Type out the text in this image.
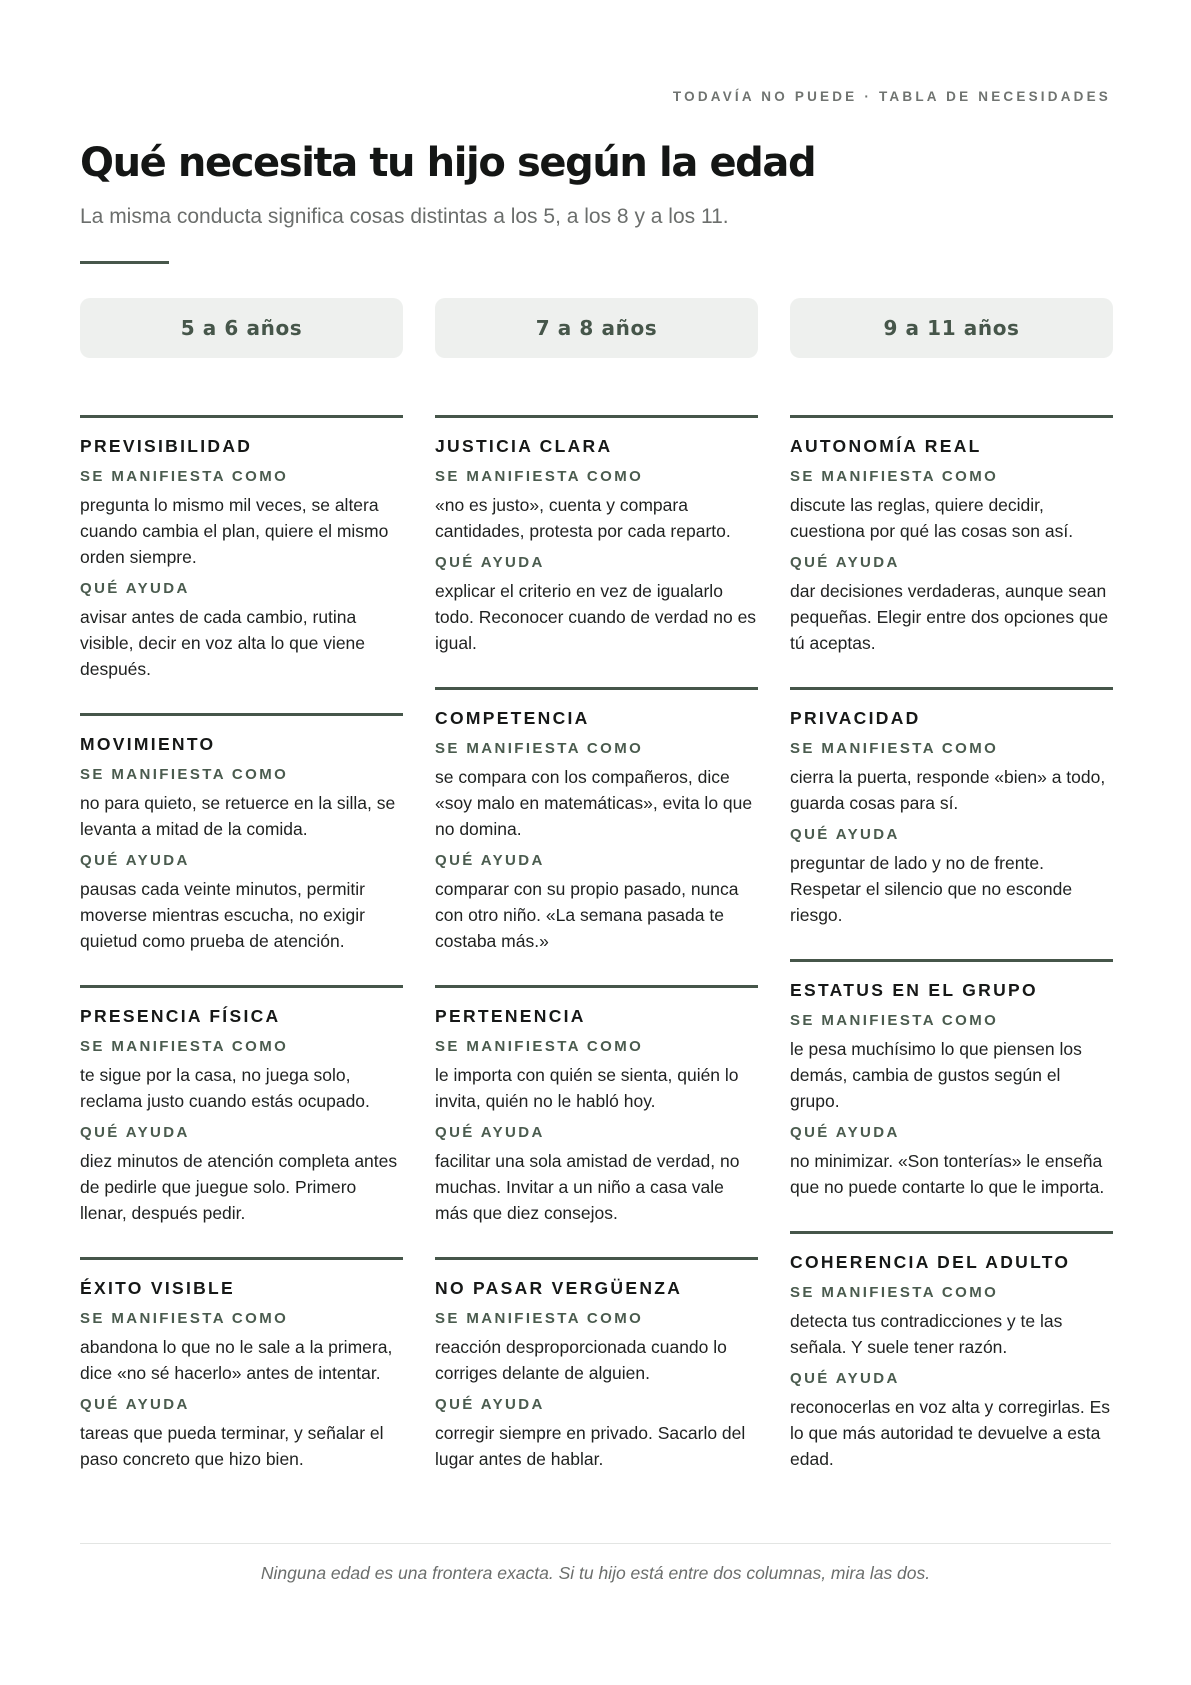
TODAVÍA NO PUEDE · TABLA DE NECESIDADES
Qué necesita tu hijo según la edad

La misma conducta significa cosas distintas a los 5, a los 8 y a los 11.

5 a 6 años
PREVISIBILIDAD
SE MANIFIESTA COMO
pregunta lo mismo mil veces, se altera cuando cambia el plan, quiere el mismo orden siempre.
QUÉ AYUDA
avisar antes de cada cambio, rutina visible, decir en voz alta lo que viene después.
MOVIMIENTO
SE MANIFIESTA COMO
no para quieto, se retuerce en la silla, se levanta a mitad de la comida.
QUÉ AYUDA
pausas cada veinte minutos, permitir moverse mientras escucha, no exigir quietud como prueba de atención.
PRESENCIA FÍSICA
SE MANIFIESTA COMO
te sigue por la casa, no juega solo, reclama justo cuando estás ocupado.
QUÉ AYUDA
diez minutos de atención completa antes de pedirle que juegue solo. Primero llenar, después pedir.
ÉXITO VISIBLE
SE MANIFIESTA COMO
abandona lo que no le sale a la primera, dice «no sé hacerlo» antes de intentar.
QUÉ AYUDA
tareas que pueda terminar, y señalar el paso concreto que hizo bien.
7 a 8 años
JUSTICIA CLARA
SE MANIFIESTA COMO
«no es justo», cuenta y compara cantidades, protesta por cada reparto.
QUÉ AYUDA
explicar el criterio en vez de igualarlo todo. Reconocer cuando de verdad no es igual.
COMPETENCIA
SE MANIFIESTA COMO
se compara con los compañeros, dice «soy malo en matemáticas», evita lo que no domina.
QUÉ AYUDA
comparar con su propio pasado, nunca con otro niño. «La semana pasada te costaba más.»
PERTENENCIA
SE MANIFIESTA COMO
le importa con quién se sienta, quién lo invita, quién no le habló hoy.
QUÉ AYUDA
facilitar una sola amistad de verdad, no muchas. Invitar a un niño a casa vale más que diez consejos.
NO PASAR VERGÜENZA
SE MANIFIESTA COMO
reacción desproporcionada cuando lo corriges delante de alguien.
QUÉ AYUDA
corregir siempre en privado. Sacarlo del lugar antes de hablar.
9 a 11 años
AUTONOMÍA REAL
SE MANIFIESTA COMO
discute las reglas, quiere decidir, cuestiona por qué las cosas son así.
QUÉ AYUDA
dar decisiones verdaderas, aunque sean pequeñas. Elegir entre dos opciones que tú aceptas.
PRIVACIDAD
SE MANIFIESTA COMO
cierra la puerta, responde «bien» a todo, guarda cosas para sí.
QUÉ AYUDA
preguntar de lado y no de frente. Respetar el silencio que no esconde riesgo.
ESTATUS EN EL GRUPO
SE MANIFIESTA COMO
le pesa muchísimo lo que piensen los demás, cambia de gustos según el grupo.
QUÉ AYUDA
no minimizar. «Son tonterías» le enseña que no puede contarte lo que le importa.
COHERENCIA DEL ADULTO
SE MANIFIESTA COMO
detecta tus contradicciones y te las señala. Y suele tener razón.
QUÉ AYUDA
reconocerlas en voz alta y corregirlas. Es lo que más autoridad te devuelve a esta edad.
Ninguna edad es una frontera exacta. Si tu hijo está entre dos columnas, mira las dos.
